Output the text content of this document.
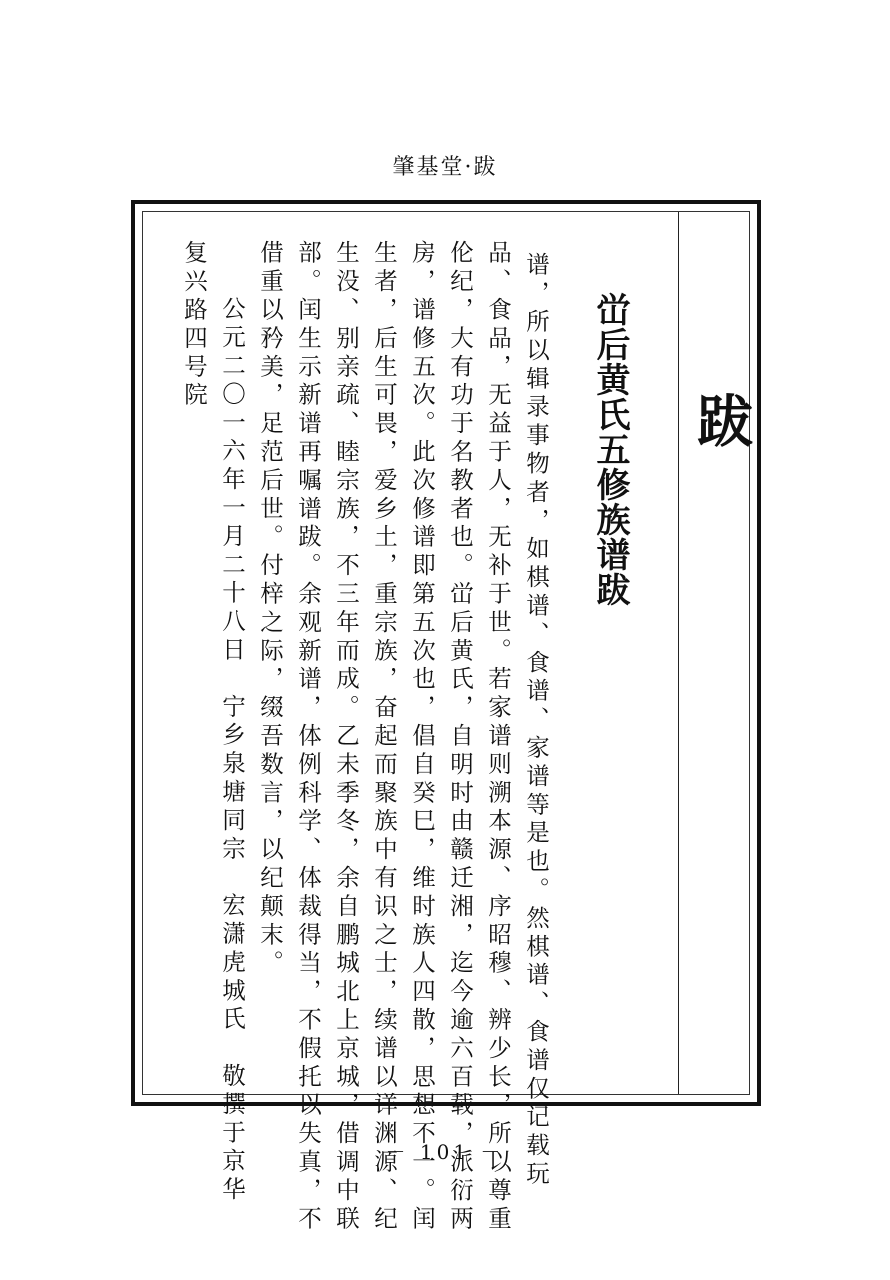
肇基堂·跋
跋
峃后黄氏五修族谱跋
谱，所以辑录事物者，如棋谱、食谱、家谱等是也。然棋谱、食谱仅记载玩
品、食品，无益于人，无补于世。若家谱则溯本源、序昭穆、辨少长，所以尊重
伦纪，大有功于名教者也。峃后黄氏，自明时由赣迁湘，迄今逾六百载，派衍两
房，谱修五次。此次修谱即第五次也，倡自癸巳，维时族人四散，思想不一。闰
生者，后生可畏，爱乡土，重宗族，奋起而聚族中有识之士，续谱以详渊源、纪
生没、别亲疏、睦宗族，不三年而成。乙未季冬，余自鹏城北上京城，借调中联
部。闰生示新谱再嘱谱跋。余观新谱，体例科学、体裁得当，不假托以失真，不
借重以矜美，足范后世。付梓之际，缀吾数言，以纪颠末。
公元二〇一六年一月二十八日　宁乡泉塘同宗　宏潇虎城氏　敬撰于京华
复兴路四号院
－ 101 －
